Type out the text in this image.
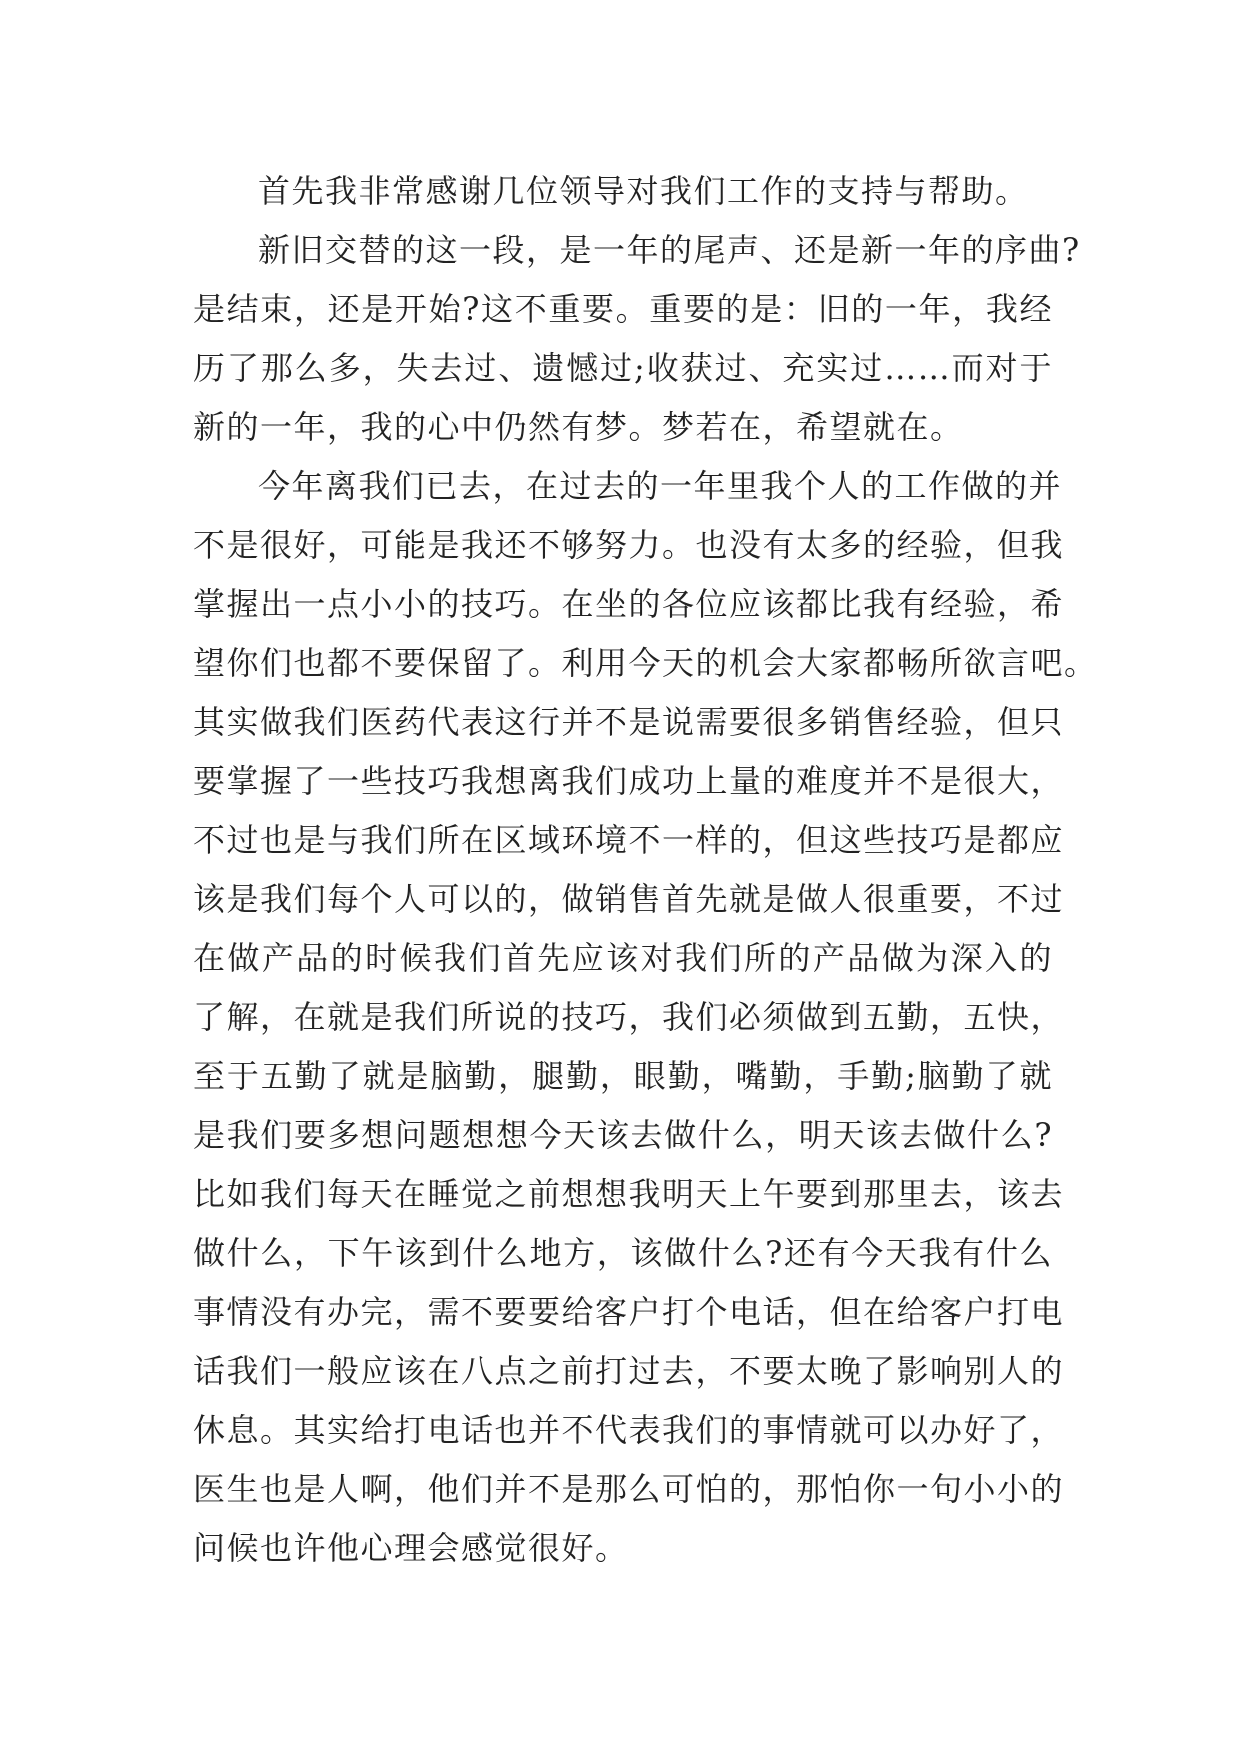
首先我非常感谢几位领导对我们工作的支持与帮助。
新旧交替的这一段，是一年的尾声、还是新一年的序曲?
是结束，还是开始?这不重要。重要的是：旧的一年，我经
历了那么多，失去过、遗憾过;收获过、充实过……而对于
新的一年，我的心中仍然有梦。梦若在，希望就在。
今年离我们已去，在过去的一年里我个人的工作做的并
不是很好，可能是我还不够努力。也没有太多的经验，但我
掌握出一点小小的技巧。在坐的各位应该都比我有经验，希
望你们也都不要保留了。利用今天的机会大家都畅所欲言吧。
其实做我们医药代表这行并不是说需要很多销售经验，但只
要掌握了一些技巧我想离我们成功上量的难度并不是很大，
不过也是与我们所在区域环境不一样的，但这些技巧是都应
该是我们每个人可以的，做销售首先就是做人很重要，不过
在做产品的时候我们首先应该对我们所的产品做为深入的
了解，在就是我们所说的技巧，我们必须做到五勤，五快，
至于五勤了就是脑勤，腿勤，眼勤，嘴勤，手勤;脑勤了就
是我们要多想问题想想今天该去做什么，明天该去做什么?
比如我们每天在睡觉之前想想我明天上午要到那里去，该去
做什么，下午该到什么地方，该做什么?还有今天我有什么
事情没有办完，需不要要给客户打个电话，但在给客户打电
话我们一般应该在八点之前打过去，不要太晚了影响别人的
休息。其实给打电话也并不代表我们的事情就可以办好了，
医生也是人啊，他们并不是那么可怕的，那怕你一句小小的
问候也许他心理会感觉很好。
